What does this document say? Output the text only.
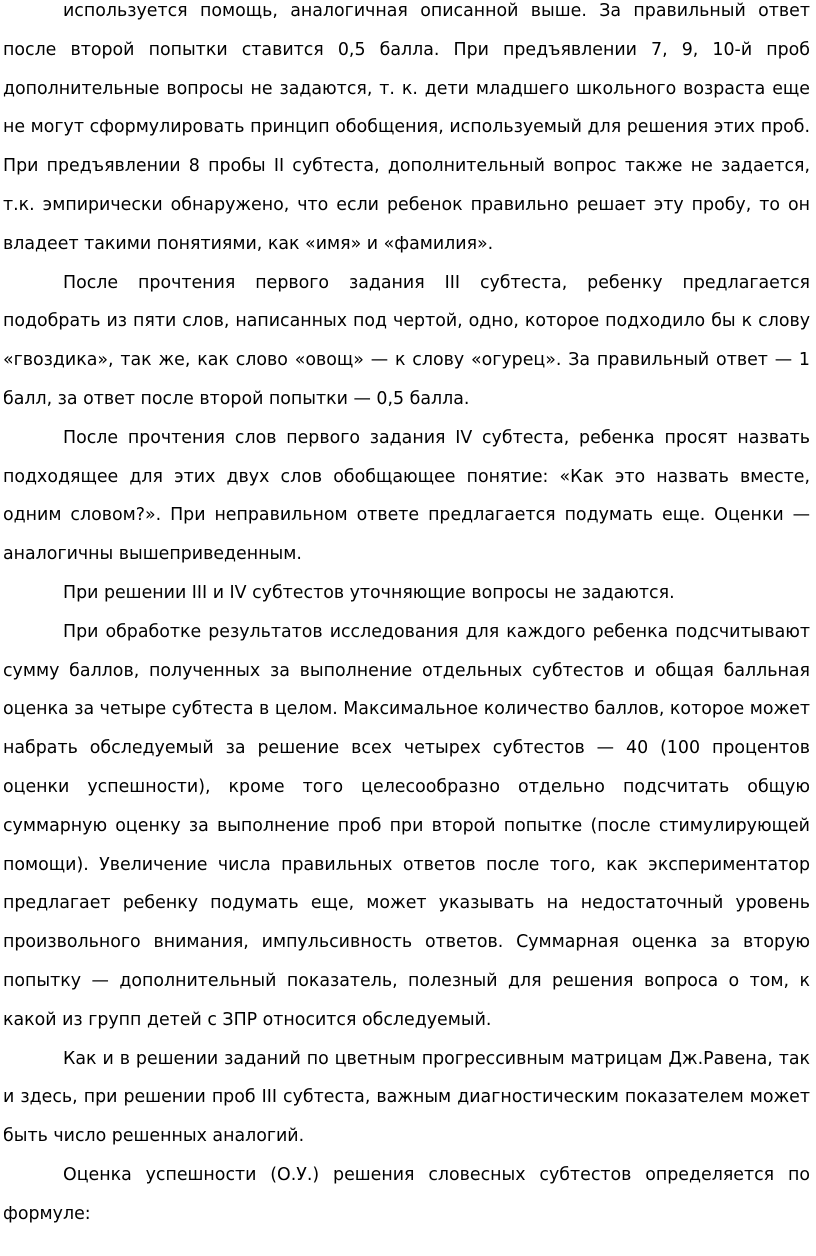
используется помощь, аналогичная описанной выше. За правильный ответ после второй попытки ставится 0,5 балла. При предъявлении 7, 9, 10-й проб дополнительные вопросы не задаются, т. к. дети младшего школьного возраста еще не могут сформулировать принцип обобщения, используемый для решения этих проб. При предъявлении 8 пробы II субтеста, дополнительный вопрос также не задается, т.к. эмпирически обнаружено, что если ребенок правильно решает эту пробу, то он владеет такими понятиями, как «имя» и «фамилия».

После прочтения первого задания III субтеста, ребенку предлагается подобрать из пяти слов, написанных под чертой, одно, которое подходило бы к слову «гвоздика», так же, как слово «овощ» — к слову «огурец». За правильный ответ — 1 балл, за ответ после второй попытки — 0,5 балла.

После прочтения слов первого задания IV субтеста, ребенка просят назвать подходящее для этих двух слов обобщающее понятие: «Как это назвать вместе, одним словом?». При неправильном ответе предлагается подумать еще. Оценки — аналогичны вышеприведенным.

При решении III и IV субтестов уточняющие вопросы не задаются.

При обработке результатов исследования для каждого ребенка подсчитывают сумму баллов, полученных за выполнение отдельных субтестов и общая балльная оценка за четыре субтеста в целом. Максимальное количество баллов, которое может набрать обследуемый за решение всех четырех субтестов — 40 (100 процентов оценки успешности), кроме того целесообразно отдельно подсчитать общую суммарную оценку за выполнение проб при второй попытке (после стимулирующей помощи). Увеличение числа правильных ответов после того, как экспериментатор предлагает ребенку подумать еще, может указывать на недостаточный уровень произвольного внимания, импульсивность ответов. Суммарная оценка за вторую попытку — дополнительный показатель, полезный для решения вопроса о том, к какой из групп детей с ЗПР относится обследуемый.

Как и в решении заданий по цветным прогрессивным матрицам Дж.Равена, так и здесь, при решении проб III субтеста, важным диагностическим показателем может быть число решенных аналогий.

Оценка успешности (О.У.) решения словесных субтестов определяется по формуле:
